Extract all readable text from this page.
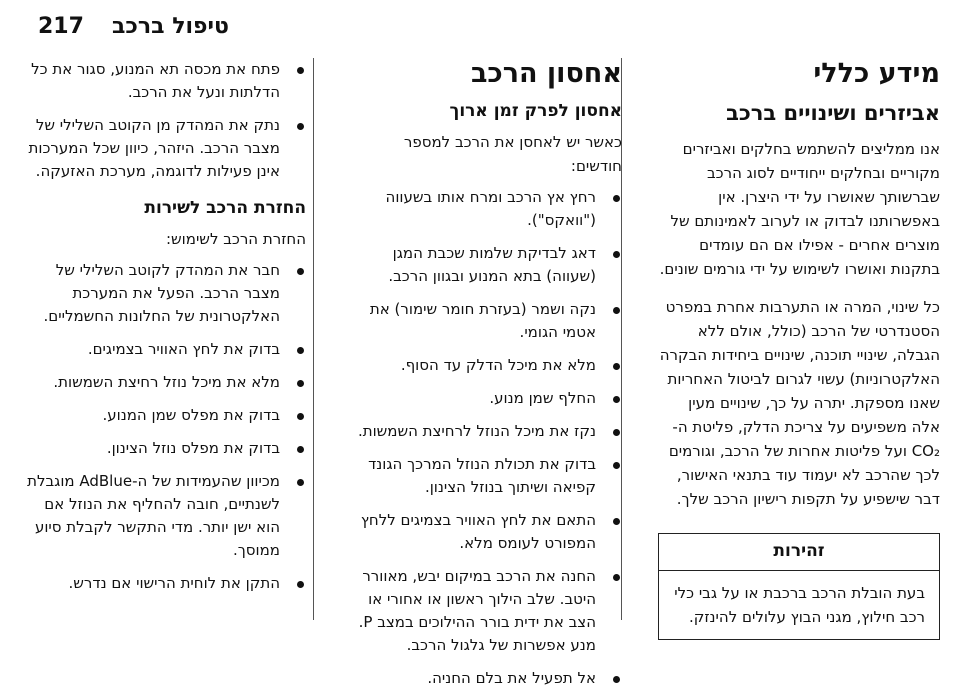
217 טיפול ברכב
מידע כללי
אביזרים ושינויים ברכב

אנו ממליצים להשתמש בחלקים ואביזרים מקוריים ובחלקים ייחודיים לסוג הרכב שברשותך שאושרו על ידי היצרן. אין באפשרותנו לבדוק או לערוב לאמינותם של מוצרים אחרים - אפילו אם הם עומדים בתקנות ואושרו לשימוש על ידי גורמים שונים.

כל שינוי, המרה או התערבות אחרת במפרט הסטנדרטי של הרכב (כולל, אולם ללא הגבלה, שינויי תוכנה, שינויים ביחידות הבקרה האלקטרוניות) עשוי לגרום לביטול האחריות שאנו מספקת. יתרה על כך, שינויים מעין אלה משפיעים על צריכת הדלק, פליטת ה-CO₂ ועל פליטות אחרות של הרכב, וגורמים לכך שהרכב לא יעמוד עוד בתנאי האישור, דבר שישפיע על תקפות רישיון הרכב שלך.

זהירות
בעת הובלת הרכב ברכבת או על גבי כלי רכב חילוץ, מגני הבוץ עלולים להינזק.
אחסון הרכב
אחסון לפרק זמן ארוך

כאשר יש לאחסן את הרכב למספר חודשים:

רחץ אץ הרכב ומרח אותו בשעווה ("וואקס").
דאג לבדיקת שלמות שכבת המגן (שעווה) בתא המנוע ובגוון הרכב.
נקה ושמר (בעזרת חומר שימור) את אטמי הגומי.
מלא את מיכל הדלק עד הסוף.
החלף שמן מנוע.
נקז את מיכל הנוזל לרחיצת השמשות.
בדוק את תכולת הנוזל המרכך הגונד קפיאה ושיתוך בנוזל הצינון.
התאם את לחץ האוויר בצמיגים ללחץ המפורט לעומס מלא.
החנה את הרכב במיקום יבש, מאוורר היטב. שלב הילוך ראשון או אחורי או הצב את ידית בורר ההילוכים במצב P. מנע אפשרות של גלגול הרכב.
אל תפעיל את בלם החניה.
פתח את מכסה תא המנוע, סגור את כל הדלתות ונעל את הרכב.
נתק את המהדק מן הקוטב השלילי של מצבר הרכב. היזהר, כיוון שכל המערכות אינן פעילות לדוגמה, מערכת האזעקה.
החזרת הרכב לשירות

החזרת הרכב לשימוש:

חבר את המהדק לקוטב השלילי של מצבר הרכב. הפעל את המערכת האלקטרונית של החלונות החשמליים.
בדוק את לחץ האוויר בצמיגים.
מלא את מיכל נוזל רחיצת השמשות.
בדוק את מפלס שמן המנוע.
בדוק את מפלס נוזל הצינון.
מכיוון שהעמידות של ה-AdBlue מוגבלת לשנתיים, חובה להחליף את הנוזל אם הוא ישן יותר. מדי התקשר לקבלת סיוע ממוסך.
התקן את לוחית הרישוי אם נדרש.
